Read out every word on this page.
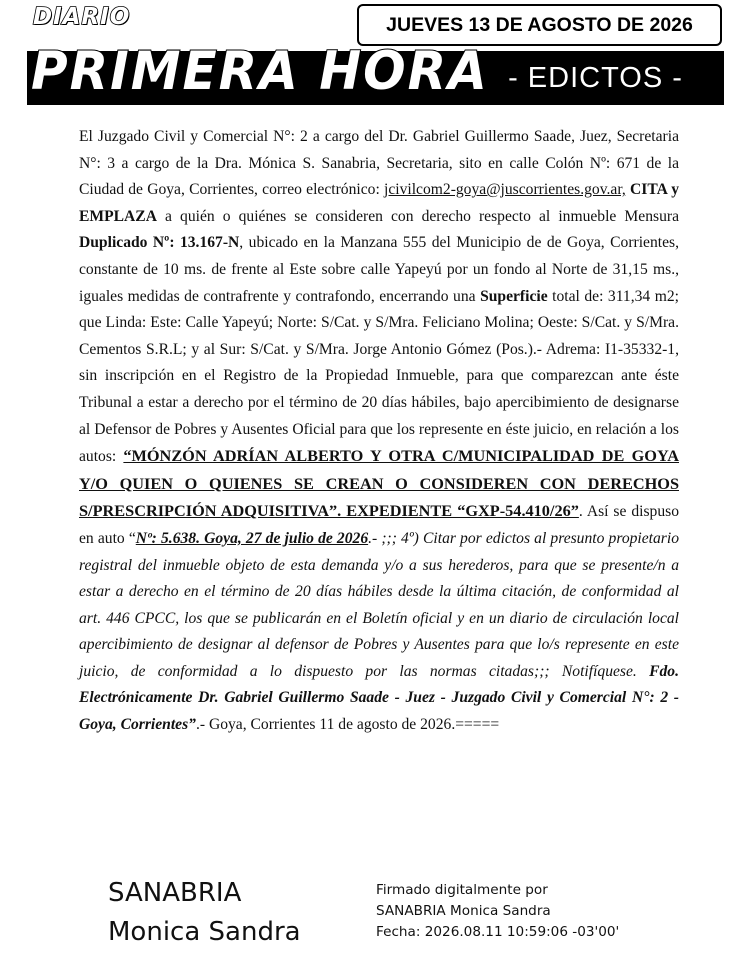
DIARIO	JUEVES 13 DE AGOSTO DE 2026
PRIMERA HORA - EDICTOS -

El Juzgado Civil y Comercial N°: 2 a cargo del Dr. Gabriel Guillermo Saade, Juez, Secretaria N°: 3 a cargo de la Dra. Mónica S. Sanabria, Secretaria, sito en calle Colón Nº: 671 de la Ciudad de Goya, Corrientes, correo electrónico: jcivilcom2-goya@juscorrientes.gov.ar, CITA y EMPLAZA a quién o quiénes se consideren con derecho respecto al inmueble Mensura Duplicado Nº: 13.167-N, ubicado en la Manzana 555 del Municipio de de Goya, Corrientes, constante de 10 ms. de frente al Este sobre calle Yapeyú por un fondo al Norte de 31,15 ms., iguales medidas de contrafrente y contrafondo, encerrando una Superficie total de: 311,34 m2; que Linda: Este: Calle Yapeyú; Norte: S/Cat. y S/Mra. Feliciano Molina; Oeste: S/Cat. y S/Mra. Cementos S.R.L; y al Sur: S/Cat. y S/Mra. Jorge Antonio Gómez (Pos.).- Adrema: I1-35332-1, sin inscripción en el Registro de la Propiedad Inmueble, para que comparezcan ante éste Tribunal a estar a derecho por el término de 20 días hábiles, bajo apercibimiento de designarse al Defensor de Pobres y Ausentes Oficial para que los represente en éste juicio, en relación a los autos: “MÓNZÓN ADRÍAN ALBERTO Y OTRA C/MUNICIPALIDAD DE GOYA Y/O QUIEN O QUIENES SE CREAN O CONSIDEREN CON DERECHOS S/PRESCRIPCIÓN ADQUISITIVA”. EXPEDIENTE “GXP-54.410/26”. Así se dispuso en auto “Nº: 5.638. Goya, 27 de julio de 2026.- ;;; 4º) Citar por edictos al presunto propietario registral del inmueble objeto de esta demanda y/o a sus herederos, para que se presente/n a estar a derecho en el término de 20 días hábiles desde la última citación, de conformidad al art. 446 CPCC, los que se publicarán en el Boletín oficial y en un diario de circulación local apercibimiento de designar al defensor de Pobres y Ausentes para que lo/s represente en este juicio, de conformidad a lo dispuesto por las normas citadas;;; Notifíquese. Fdo. Electrónicamente Dr. Gabriel Guillermo Saade - Juez - Juzgado Civil y Comercial N°: 2 - Goya, Corrientes”.- Goya, Corrientes 11 de agosto de 2026.=====

SANABRIA
Monica Sandra
Firmado digitalmente por
SANABRIA Monica Sandra
Fecha: 2026.08.11 10:59:06 -03'00'
